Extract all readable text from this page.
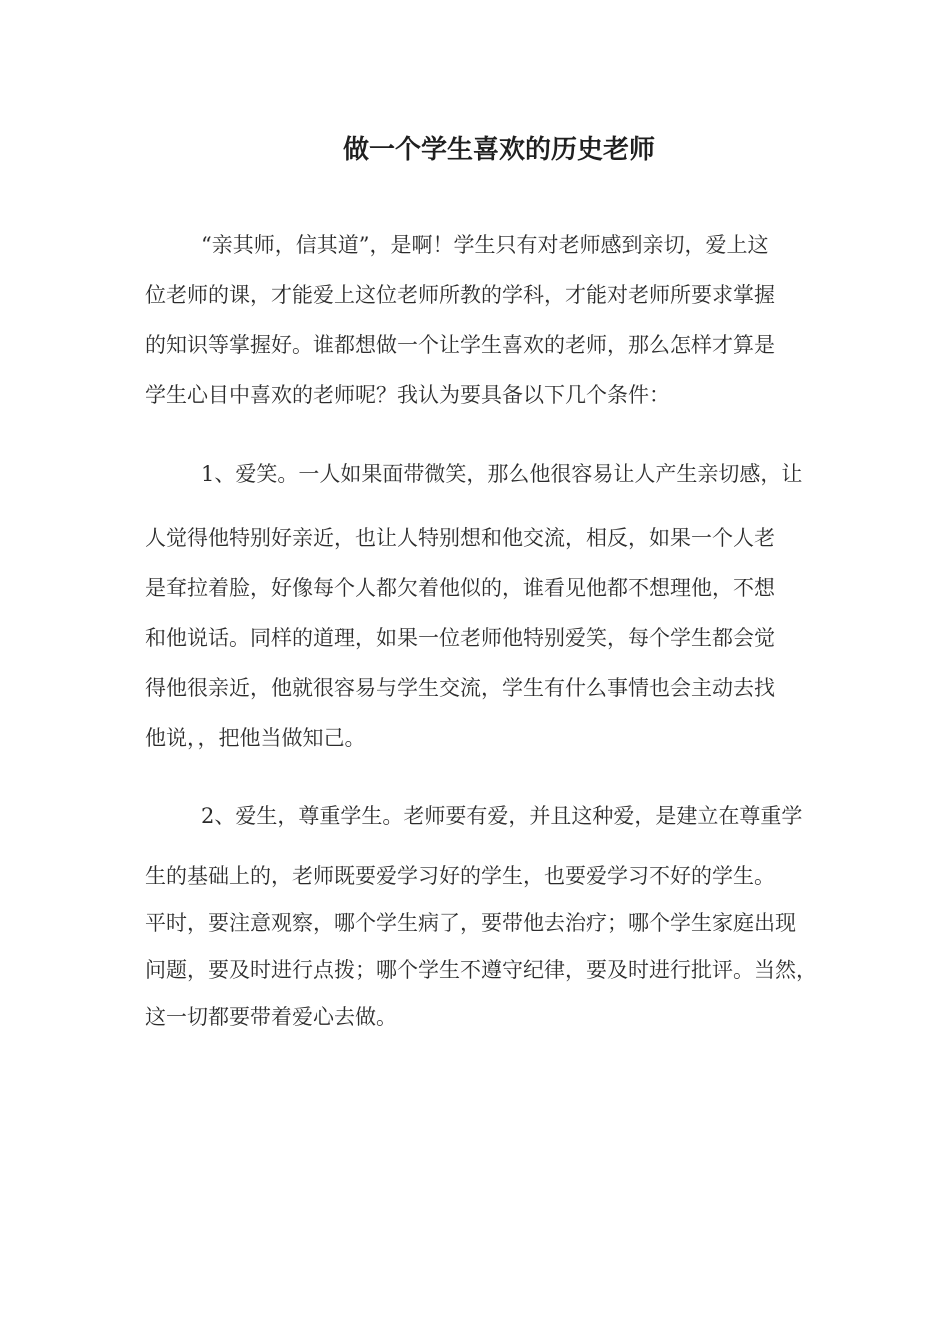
做一个学生喜欢的历史老师
“亲其师，信其道”，是啊！学生只有对老师感到亲切，爱上这
位老师的课，才能爱上这位老师所教的学科，才能对老师所要求掌握
的知识等掌握好。谁都想做一个让学生喜欢的老师，那么怎样才算是
学生心目中喜欢的老师呢？我认为要具备以下几个条件：
1、爱笑。一人如果面带微笑，那么他很容易让人产生亲切感，让
人觉得他特别好亲近，也让人特别想和他交流，相反，如果一个人老
是耷拉着脸，好像每个人都欠着他似的，谁看见他都不想理他，不想
和他说话。同样的道理，如果一位老师他特别爱笑，每个学生都会觉
得他很亲近，他就很容易与学生交流，学生有什么事情也会主动去找
他说，，把他当做知己。
2、爱生，尊重学生。老师要有爱，并且这种爱，是建立在尊重学
生的基础上的，老师既要爱学习好的学生，也要爱学习不好的学生。
平时，要注意观察，哪个学生病了，要带他去治疗；哪个学生家庭出现
问题，要及时进行点拨；哪个学生不遵守纪律，要及时进行批评。当然，
这一切都要带着爱心去做。
